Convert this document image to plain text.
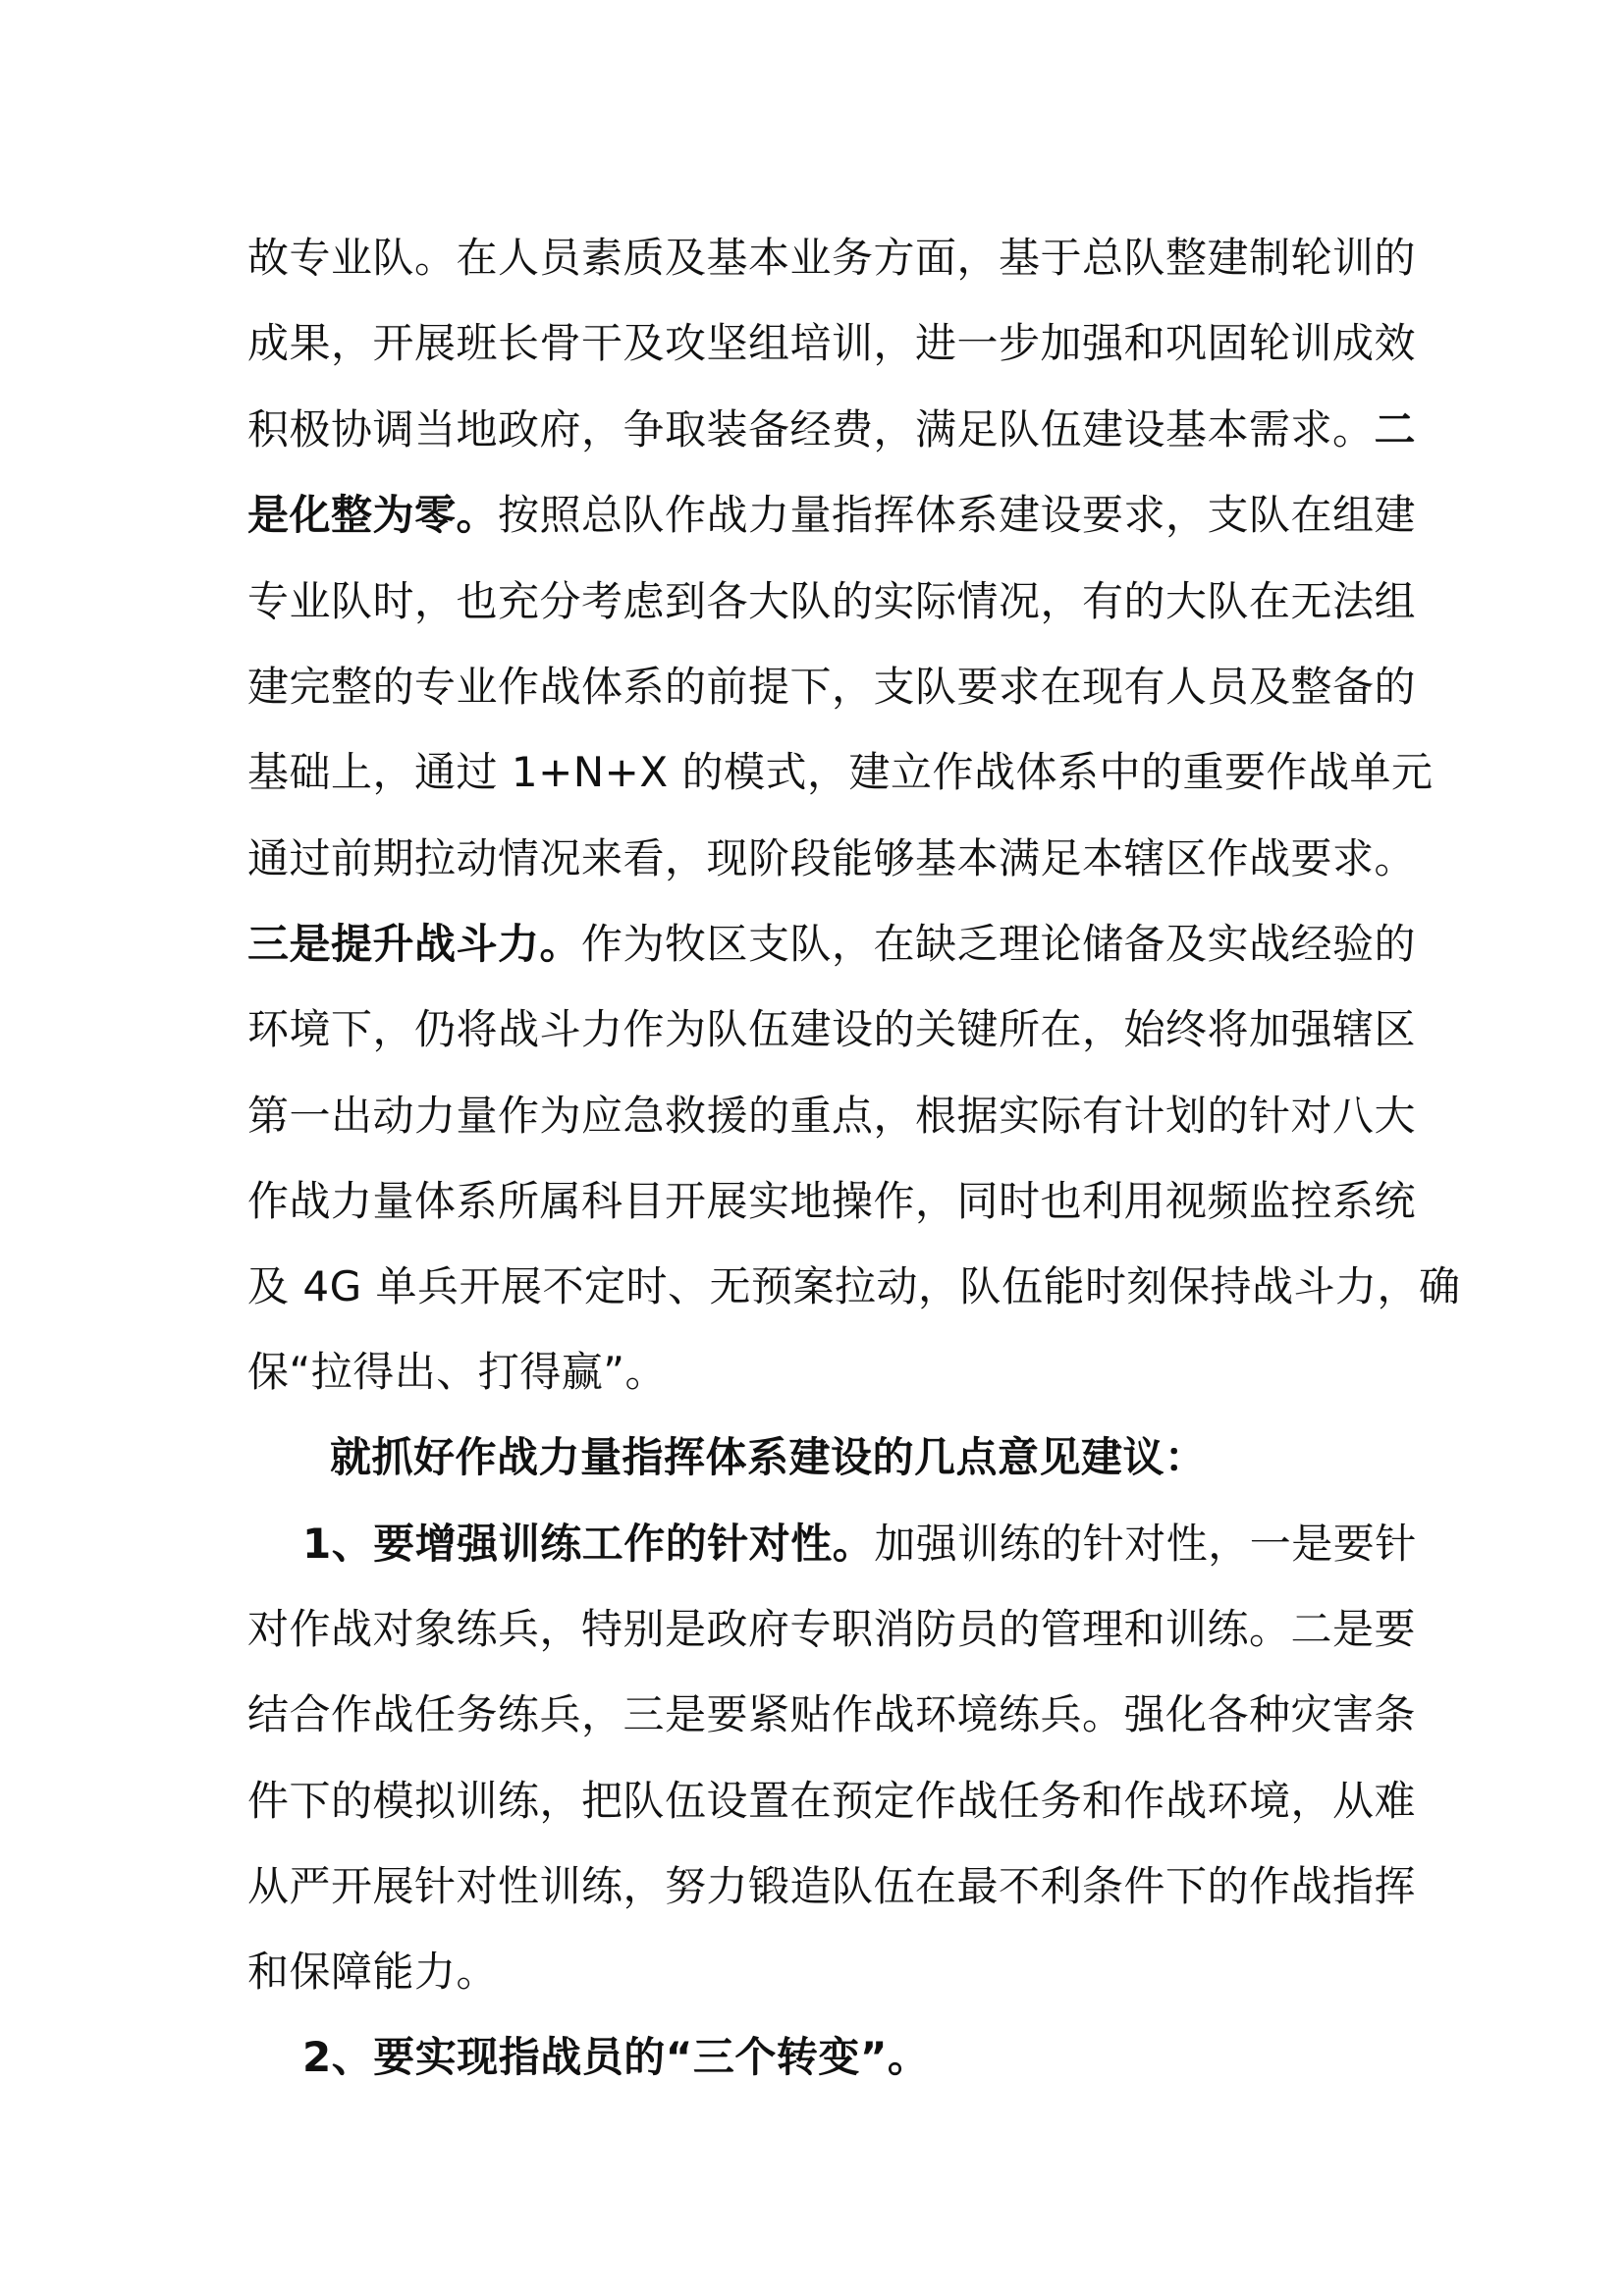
故专业队。在人员素质及基本业务方面，基于总队整建制轮训的
成果，开展班长骨干及攻坚组培训，进一步加强和巩固轮训成效
积极协调当地政府，争取装备经费，满足队伍建设基本需求。二
是化整为零。按照总队作战力量指挥体系建设要求，支队在组建
专业队时，也充分考虑到各大队的实际情况，有的大队在无法组
建完整的专业作战体系的前提下，支队要求在现有人员及整备的
基础上，通过 1+N+X 的模式，建立作战体系中的重要作战单元
通过前期拉动情况来看，现阶段能够基本满足本辖区作战要求。
三是提升战斗力。作为牧区支队，在缺乏理论储备及实战经验的
环境下，仍将战斗力作为队伍建设的关键所在，始终将加强辖区
第一出动力量作为应急救援的重点，根据实际有计划的针对八大
作战力量体系所属科目开展实地操作，同时也利用视频监控系统
及 4G 单兵开展不定时、无预案拉动，队伍能时刻保持战斗力，确
保“拉得出、打得赢”。
就抓好作战力量指挥体系建设的几点意见建议：
1、要增强训练工作的针对性。加强训练的针对性，一是要针
对作战对象练兵，特别是政府专职消防员的管理和训练。二是要
结合作战任务练兵，三是要紧贴作战环境练兵。强化各种灾害条
件下的模拟训练，把队伍设置在预定作战任务和作战环境，从难
从严开展针对性训练，努力锻造队伍在最不利条件下的作战指挥
和保障能力。
2、要实现指战员的“三个转变”。
